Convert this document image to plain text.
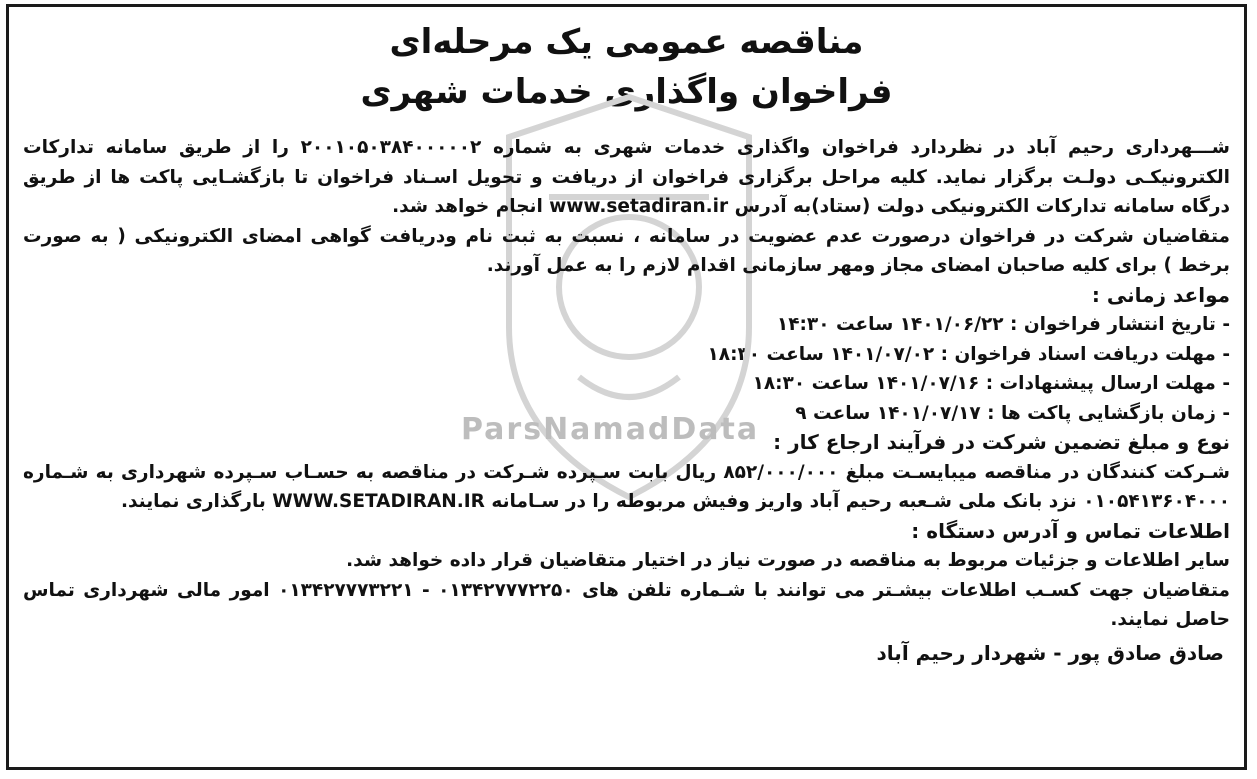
ParsNamadData
مناقصه عمومی یک مرحله‌ای
فراخوان واگذاری خدمات شهری

شـــهرداری رحیم آباد در نظردارد فراخوان واگذاری خدمات شهری به شماره ۲۰۰۱۰۵۰۳۸۴۰۰۰۰۰۲ را از طریق سامانه تدارکات الکترونیکـی دولـت برگزار نماید. کلیه مراحل برگزاری فراخوان از دریافت و تحویل اسـناد فراخوان تا بازگشـایی پاکت ها از طریق درگاه سامانه تدارکات الکترونیکی دولت (ستاد)به آدرس www.setadiran.ir انجام خواهد شد.

متقاضیان شرکت در فراخوان درصورت عدم عضویت در سامانه ، نسبت به ثبت نام ودریافت گواهی امضای الکترونیکی ( به صورت برخط ) برای کلیه صاحبان امضای مجاز ومهر سازمانی اقدام لازم را به عمل آورند.

مواعد زمانی :

- تاریخ انتشار فراخوان : ۱۴۰۱/۰۶/۲۲ ساعت ۱۴:۳۰

- مهلت دریافت اسناد فراخوان : ۱۴۰۱/۰۷/۰۲ ساعت ۱۸:۳۰

- مهلت ارسال پیشنهادات : ۱۴۰۱/۰۷/۱۶ ساعت ۱۸:۳۰

- زمان بازگشایی پاکت ها : ۱۴۰۱/۰۷/۱۷ ساعت ۹

نوع و مبلغ تضمین شرکت در فرآیند ارجاع کار :

شـرکت کنندگان در مناقصه میبایسـت مبلغ ۸۵۲/۰۰۰/۰۰۰ ریال بابت سـپرده شـرکت در مناقصه به حسـاب سـپرده شهرداری به شـماره ۰۱۰۵۴۱۳۶۰۴۰۰۰ نزد بانک ملی شـعبه رحیم آباد واریز وفیش مربوطه را در سـامانه WWW.SETADIRAN.IR بارگذاری نمایند.

اطلاعات تماس و آدرس دستگاه :

سایر اطلاعات و جزئیات مربوط به مناقصه در صورت نیاز در اختیار متقاضیان قرار داده خواهد شد.

متقاضیان جهت کسـب اطلاعات بیشـتر می توانند با شـماره تلفن های ۰۱۳۴۲۷۷۷۲۲۵۰ - ۰۱۳۴۲۷۷۷۳۲۲۱ امور مالی شهرداری تماس حاصل نمایند.

صادق صادق پور - شهردار رحیم آباد
